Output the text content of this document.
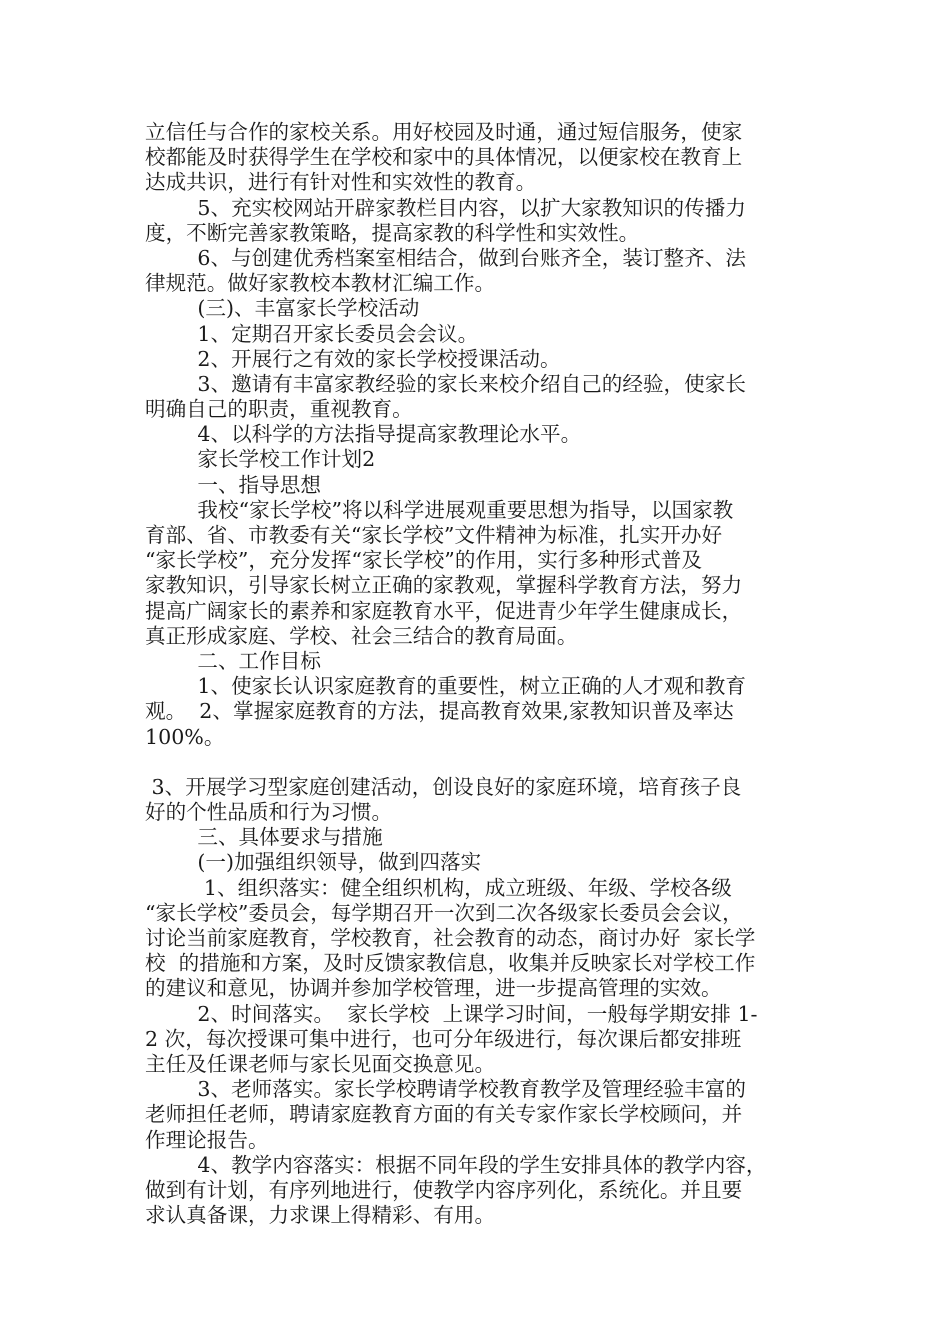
立信任与合作的家校关系。用好校园及时通，通过短信服务，使家
校都能及时获得学生在学校和家中的具体情况，以便家校在教育上
达成共识，进行有针对性和实效性的教育。
5、充实校网站开辟家教栏目内容，以扩大家教知识的传播力
度，不断完善家教策略，提高家教的科学性和实效性。
6、与创建优秀档案室相结合，做到台账齐全，装订整齐、法
律规范。做好家教校本教材汇编工作。
(三)、丰富家长学校活动
1、定期召开家长委员会会议。
2、开展行之有效的家长学校授课活动。
3、邀请有丰富家教经验的家长来校介绍自己的经验，使家长
明确自己的职责，重视教育。
4、以科学的方法指导提高家教理论水平。
家长学校工作计划2
一、指导思想
我校“家长学校”将以科学进展观重要思想为指导，以国家教
育部、省、市教委有关“家长学校”文件精神为标准，扎实开办好
“家长学校”，充分发挥“家长学校”的作用，实行多种形式普及
家教知识，引导家长树立正确的家教观，掌握科学教育方法，努力
提高广阔家长的素养和家庭教育水平，促进青少年学生健康成长，
真正形成家庭、学校、社会三结合的教育局面。
二、工作目标
1、使家长认识家庭教育的重要性，树立正确的人才观和教育
观。  2、掌握家庭教育的方法，提高教育效果,家教知识普及率达
100%。
3、开展学习型家庭创建活动，创设良好的家庭环境，培育孩子良
好的个性品质和行为习惯。
三、具体要求与措施
(一)加强组织领导，做到四落实
1、组织落实：健全组织机构，成立班级、年级、学校各级
“家长学校”委员会，每学期召开一次到二次各级家长委员会会议，
讨论当前家庭教育，学校教育，社会教育的动态，商讨办好  家长学
校  的措施和方案，及时反馈家教信息，收集并反映家长对学校工作
的建议和意见，协调并参加学校管理，进一步提高管理的实效。
2、时间落实。  家长学校  上课学习时间，一般每学期安排 1-
2 次，每次授课可集中进行，也可分年级进行，每次课后都安排班
主任及任课老师与家长见面交换意见。
3、老师落实。家长学校聘请学校教育教学及管理经验丰富的
老师担任老师，聘请家庭教育方面的有关专家作家长学校顾问，并
作理论报告。
4、教学内容落实：根据不同年段的学生安排具体的教学内容，
做到有计划，有序列地进行，使教学内容序列化，系统化。并且要
求认真备课，力求课上得精彩、有用。
